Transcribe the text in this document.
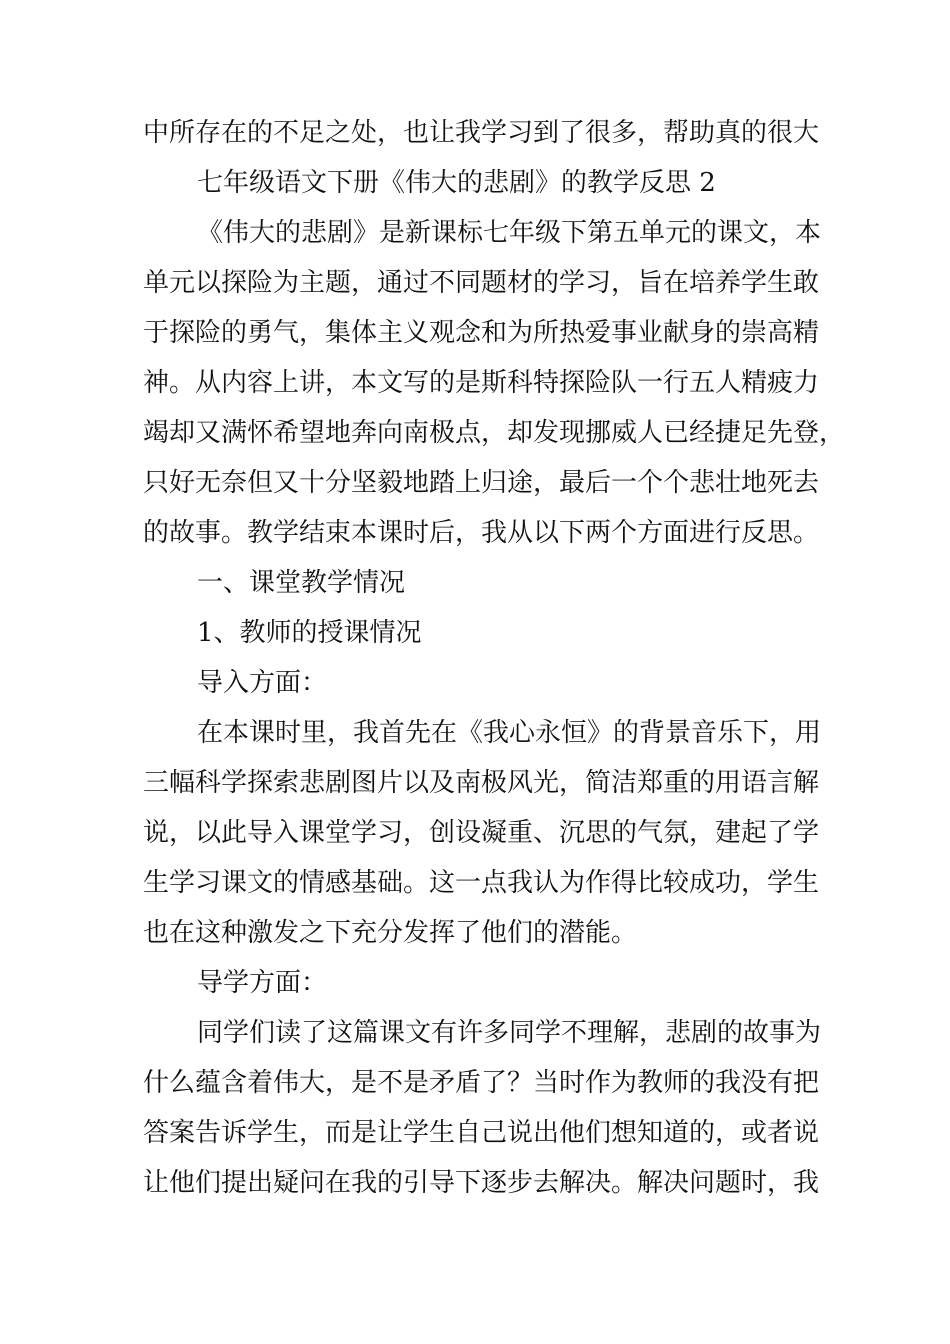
中所存在的不足之处，也让我学习到了很多，帮助真的很大
七年级语文下册《伟大的悲剧》的教学反思 2
《伟大的悲剧》是新课标七年级下第五单元的课文，本
单元以探险为主题，通过不同题材的学习，旨在培养学生敢
于探险的勇气，集体主义观念和为所热爱事业献身的崇高精
神。从内容上讲，本文写的是斯科特探险队一行五人精疲力
竭却又满怀希望地奔向南极点，却发现挪威人已经捷足先登，
只好无奈但又十分坚毅地踏上归途，最后一个个悲壮地死去
的故事。教学结束本课时后，我从以下两个方面进行反思。
一、课堂教学情况
1、教师的授课情况
导入方面：
在本课时里，我首先在《我心永恒》的背景音乐下，用
三幅科学探索悲剧图片以及南极风光，简洁郑重的用语言解
说，以此导入课堂学习，创设凝重、沉思的气氛，建起了学
生学习课文的情感基础。这一点我认为作得比较成功，学生
也在这种激发之下充分发挥了他们的潜能。
导学方面：
同学们读了这篇课文有许多同学不理解，悲剧的故事为
什么蕴含着伟大，是不是矛盾了？当时作为教师的我没有把
答案告诉学生，而是让学生自己说出他们想知道的，或者说
让他们提出疑问在我的引导下逐步去解决。解决问题时，我
